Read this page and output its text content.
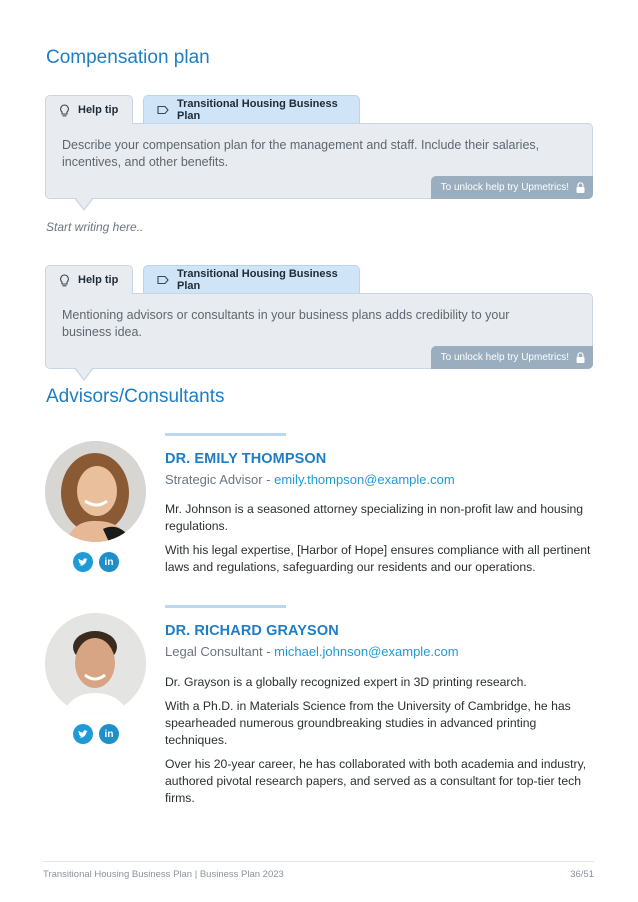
Compensation plan
Help tip	Transitional Housing Business Plan

Describe your compensation plan for the management and staff. Include their salaries, incentives, and other benefits.

To unlock help try Upmetrics!
Start writing here..
Help tip	Transitional Housing Business Plan

Mentioning advisors or consultants in your business plans adds credibility to your business idea.

To unlock help try Upmetrics!
Advisors/Consultants
in
DR. EMILY THOMPSON
Strategic Advisor - emily.thompson@example.com

Mr. Johnson is a seasoned attorney specializing in non-profit law and housing regulations.

With his legal expertise, [Harbor of Hope] ensures compliance with all pertinent laws and regulations, safeguarding our residents and our operations.

in
DR. RICHARD GRAYSON
Legal Consultant - michael.johnson@example.com

Dr. Grayson is a globally recognized expert in 3D printing research.

With a Ph.D. in Materials Science from the University of Cambridge, he has spearheaded numerous groundbreaking studies in advanced printing techniques.

Over his 20-year career, he has collaborated with both academia and industry, authored pivotal research papers, and served as a consultant for top-tier tech firms.

Transitional Housing Business Plan | Business Plan 2023	36/51
